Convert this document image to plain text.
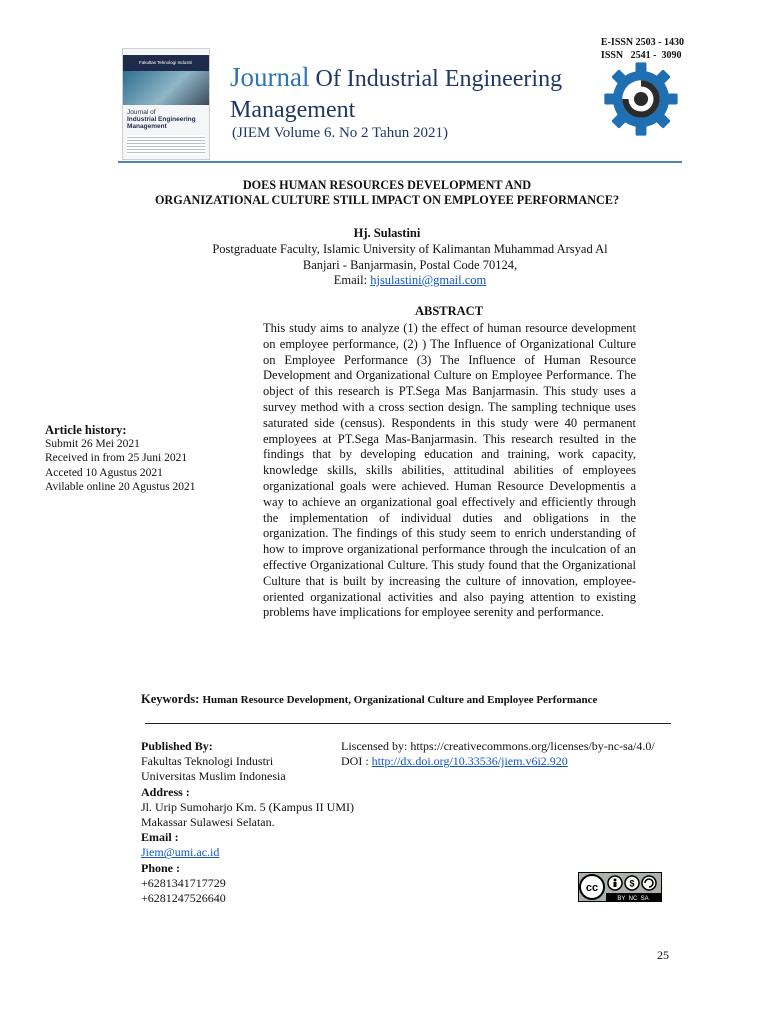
E-ISSN 2503 - 1430
ISSN   2541 -  3090
Fakultas Teknologi Industri
Journal of
Industrial Engineering
Management
Journal Of Industrial Engineering
Management
(JIEM Volume 6. No 2 Tahun 2021)
DOES HUMAN RESOURCES DEVELOPMENT AND
ORGANIZATIONAL CULTURE STILL IMPACT ON EMPLOYEE PERFORMANCE?
Hj. Sulastini
Postgraduate Faculty, Islamic University of Kalimantan Muhammad Arsyad Al
Banjari - Banjarmasin, Postal Code 70124,
Email: hjsulastini@gmail.com
ABSTRACT
This study aims to analyze (1) the effect of human resource development on employee performance, (2) ) The Influence of Organizational Culture on Employee Performance (3) The Influence of Human Resource Development and Organizational Culture on Employee Performance. The object of this research is PT.Sega Mas Banjarmasin. This study uses a survey method with a cross section design. The sampling technique uses saturated side (census). Respondents in this study were 40 permanent employees at PT.Sega Mas-Banjarmasin. This research resulted in the findings that by developing education and training, work capacity, knowledge skills, skills abilities, attitudinal abilities of employees organizational goals were achieved. Human Resource Developmentis a way to achieve an organizational goal effectively and efficiently through the implementation of individual duties and obligations in the organization. The findings of this study seem to enrich understanding of how to improve organizational performance through the inculcation of an effective Organizational Culture. This study found that the Organizational Culture that is built by increasing the culture of innovation, employee-oriented organizational activities and also paying attention to existing problems have implications for employee serenity and performance.
Article history:
Submit 26 Mei 2021
Received in from 25 Juni 2021
Acceted 10 Agustus 2021
Avilable online 20 Agustus 2021
Keywords: Human Resource Development, Organizational Culture and Employee Performance
Published By:
Fakultas Teknologi Industri
Universitas Muslim Indonesia
Address :
Jl. Urip Sumoharjo Km. 5 (Kampus II UMI)
Makassar Sulawesi Selatan.
Email :
Jiem@umi.ac.id
Phone :
+6281341717729
+6281247526640
Liscensed by: https://creativecommons.org/licenses/by-nc-sa/4.0/
DOI : http://dx.doi.org/10.33536/jiem.v6i2.920
cc	$
BY  NC  SA
25
